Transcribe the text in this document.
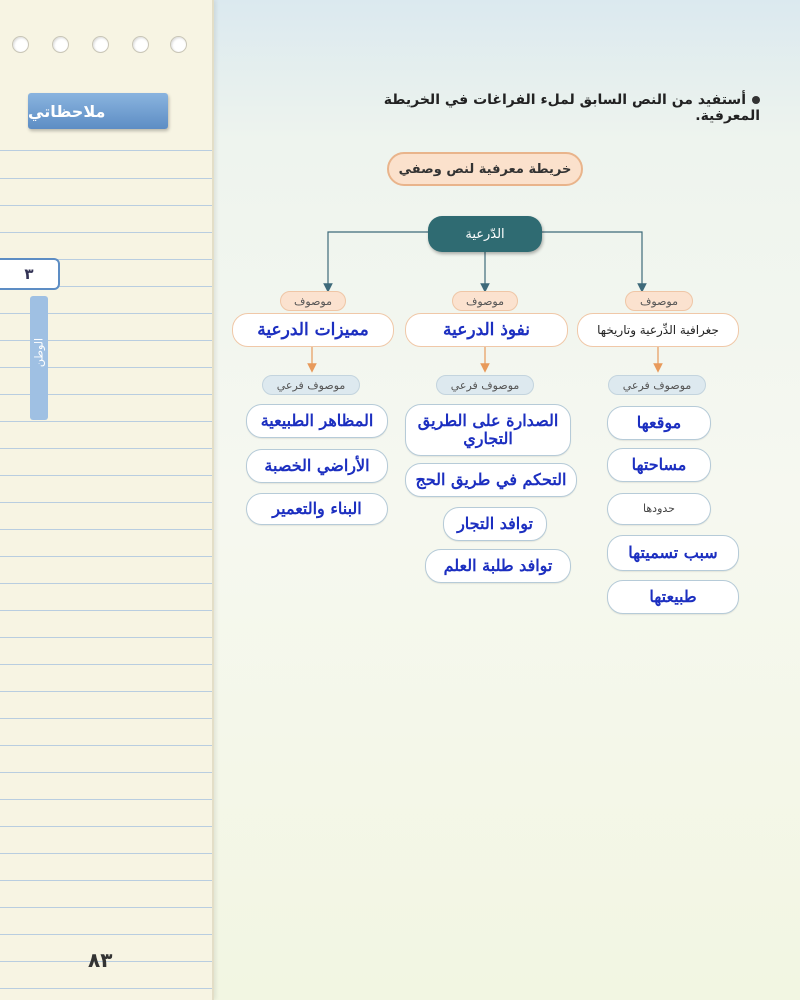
ملاحظاتي
٣
الوطن
٨٣
أستفيد من النص السابق لملء الفراغات في الخريطة المعرفية.
خريطة معرفية لنص وصفي
الدّرعية
موصوف
جغرافية الدِّرعية وتاريخها
موصوف فرعي
موقعها
مساحتها
حدودها
سبب تسميتها
طبيعتها
موصوف
نفوذ الدرعية
موصوف فرعي
الصدارة على الطريق التجاري
التحكم في طريق الحج
توافد التجار
توافد طلبة العلم
موصوف
مميزات الدرعية
موصوف فرعي
المظاهر الطبيعية
الأراضي الخصبة
البناء والتعمير
